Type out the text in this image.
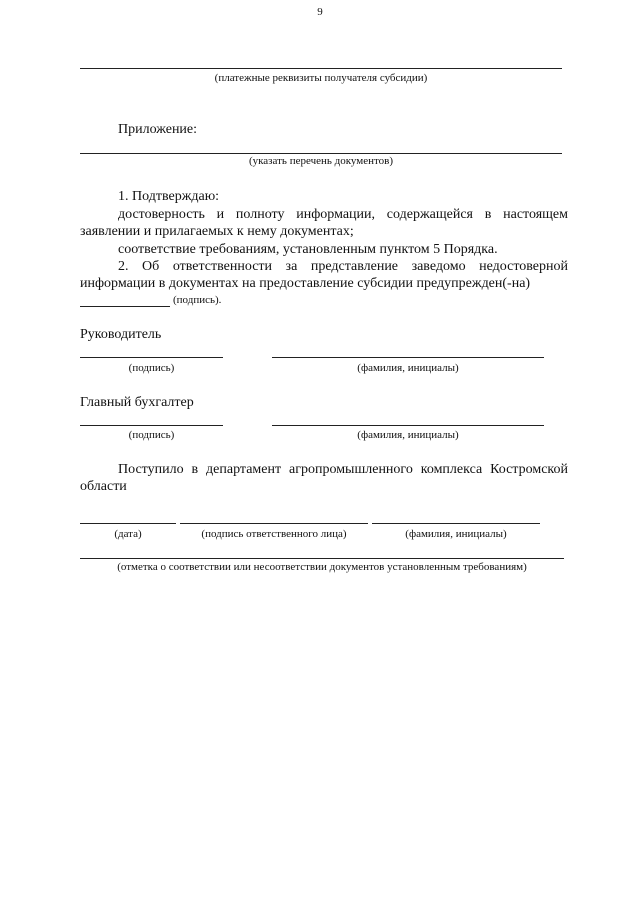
9
(платежные реквизиты получателя субсидии)
Приложение:
(указать перечень документов)
1. Подтверждаю:
достоверность и полноту информации, содержащейся в настоящем заявлении и прилагаемых к нему документах;
соответствие требованиям, установленным пунктом 5 Порядка.
2. Об ответственности за представление заведомо недостоверной информации в документах на предоставление субсидии предупрежден(-на)
(подпись).
Руководитель
(подпись)	(фамилия, инициалы)
Главный бухгалтер
(подпись)	(фамилия, инициалы)
Поступило в департамент агропромышленного комплекса Костромской области
(дата)	(подпись ответственного лица)	(фамилия, инициалы)
(отметка о соответствии или несоответствии документов установленным требованиям)
